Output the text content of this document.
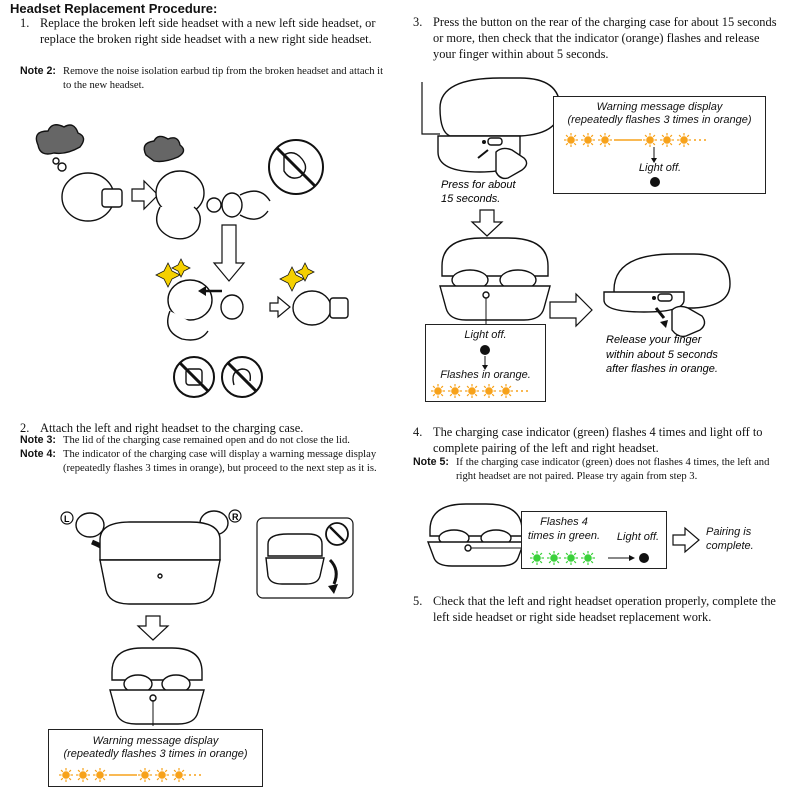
Headset Replacement Procedure:
1. Replace the broken left side headset with a new left side headset, or replace the broken right side headset with a new right side headset.
Note 2: Remove the noise isolation earbud tip from the broken headset and attach it to the new headset.
2. Attach the left and right headset to the charging case.
Note 3: The lid of the charging case remained open and do not close the lid.
Note 4: The indicator of the charging case will display a warning message display (repeatedly flashes 3 times in orange), but proceed to the next step as it is.
3. Press the button on the rear of the charging case for about 15 seconds or more, then check that the indicator (orange) flashes and release your finger within about 5 seconds.
4. The charging case indicator (green) flashes 4 times and light off to complete pairing of the left and right headset.
Note 5: If the charging case indicator (green) does not flashes 4 times, the left and right headset are not paired. Please try again from step 3.
5. Check that the left and right headset operation properly, complete the left side headset or right side headset replacement work.
L	R
Warning message display
(repeatedly flashes 3 times in orange)
Press for about
15 seconds.
Release your finger
within about 5 seconds
after flashes in orange.
Warning message display
(repeatedly flashes 3 times in orange)
Light off.
Light off.
Flashes in orange.
Flashes 4
times in green.	Light off.	Pairing is
complete.
